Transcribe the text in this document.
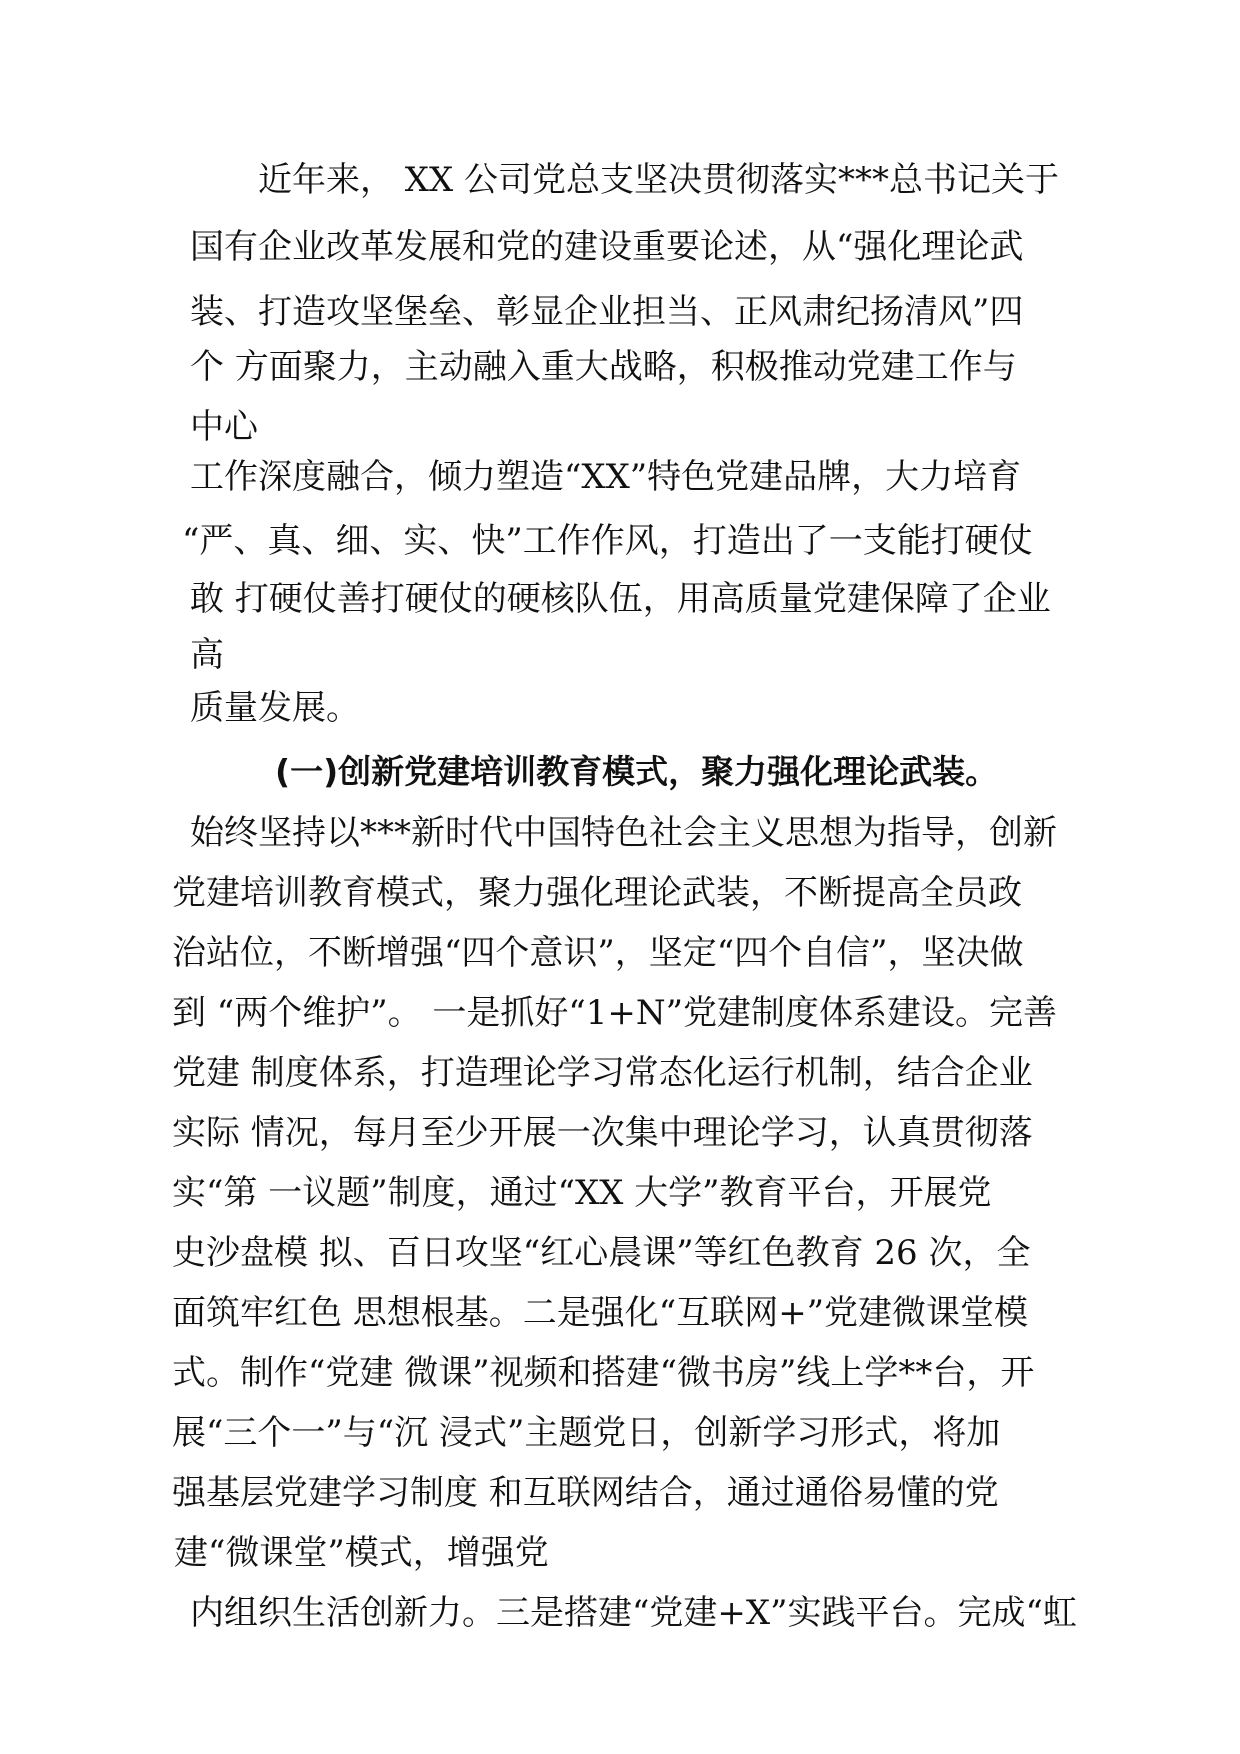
近年来， XX 公司党总支坚决贯彻落实***总书记关于
国有企业改革发展和党的建设重要论述，从“强化理论武
装、打造攻坚堡垒、彰显企业担当、正风肃纪扬清风”四
个 方面聚力，主动融入重大战略，积极推动党建工作与
中心
工作深度融合，倾力塑造“XX”特色党建品牌，大力培育
“严、真、细、实、快”工作作风，打造出了一支能打硬仗
敢 打硬仗善打硬仗的硬核队伍，用高质量党建保障了企业
高
质量发展。
(一)创新党建培训教育模式，聚力强化理论武装。
始终坚持以***新时代中国特色社会主义思想为指导，创新
党建培训教育模式，聚力强化理论武装，不断提高全员政
治站位，不断增强“四个意识”，坚定“四个自信”，坚决做
到 “两个维护”。 一是抓好“1+N”党建制度体系建设。完善
党建 制度体系，打造理论学习常态化运行机制，结合企业
实际 情况，每月至少开展一次集中理论学习，认真贯彻落
实“第 一议题”制度，通过“XX 大学”教育平台，开展党
史沙盘模 拟、百日攻坚“红心晨课”等红色教育 26 次，全
面筑牢红色 思想根基。二是强化“互联网+”党建微课堂模
式。制作“党建 微课”视频和搭建“微书房”线上学**台，开
展“三个一”与“沉 浸式”主题党日，创新学习形式，将加
强基层党建学习制度 和互联网结合，通过通俗易懂的党
建“微课堂”模式，增强党
内组织生活创新力。三是搭建“党建+X”实践平台。完成“虹
